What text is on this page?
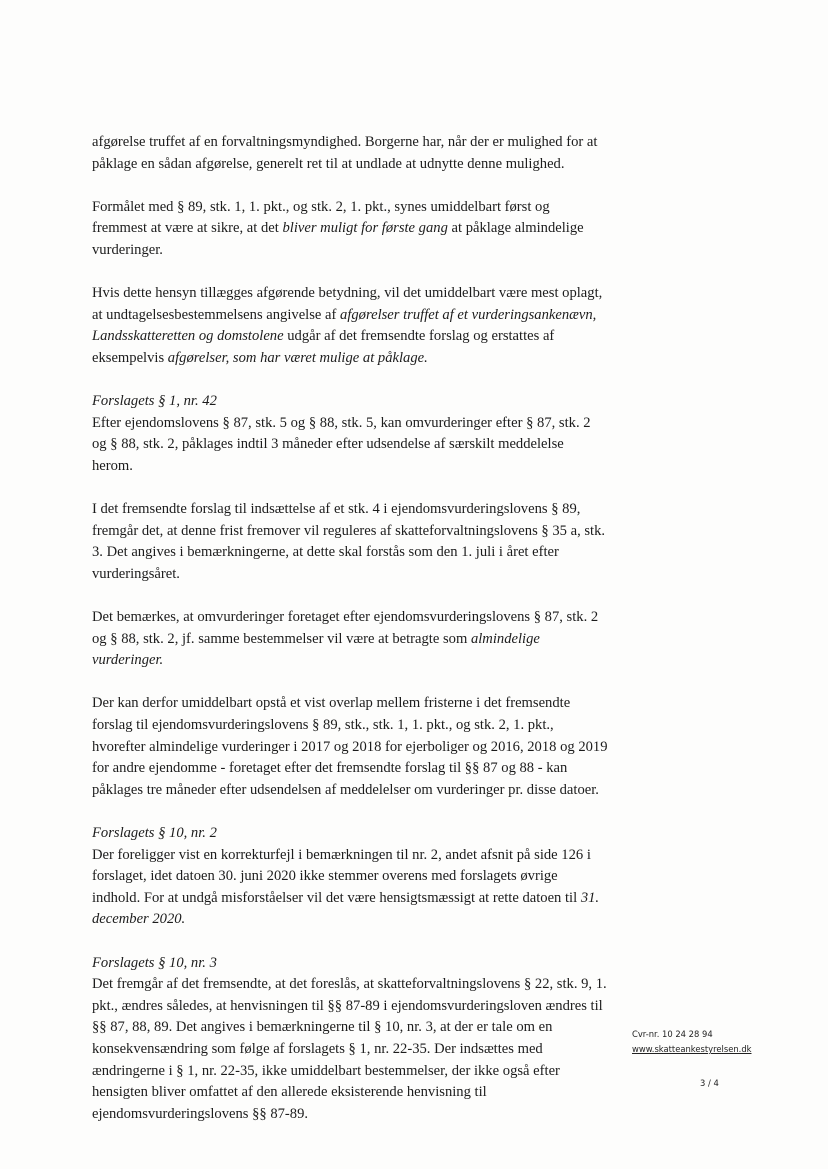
afgørelse truffet af en forvaltningsmyndighed. Borgerne har, når der er mulighed for at påklage en sådan afgørelse, generelt ret til at undlade at udnytte denne mulighed.

Formålet med § 89, stk. 1, 1. pkt., og stk. 2, 1. pkt., synes umiddelbart først og fremmest at være at sikre, at det bliver muligt for første gang at påklage almindelige vurderinger.

Hvis dette hensyn tillægges afgørende betydning, vil det umiddelbart være mest oplagt, at undtagelsesbestemmelsens angivelse af afgørelser truffet af et vurderingsankenævn, Landsskatteretten og domstolene udgår af det fremsendte forslag og erstattes af eksempelvis afgørelser, som har været mulige at påklage.

Forslagets § 1, nr. 42
Efter ejendomslovens § 87, stk. 5 og § 88, stk. 5, kan omvurderinger efter § 87, stk. 2 og § 88, stk. 2, påklages indtil 3 måneder efter udsendelse af særskilt meddelelse herom.

I det fremsendte forslag til indsættelse af et stk. 4 i ejendomsvurderingslovens § 89, fremgår det, at denne frist fremover vil reguleres af skatteforvaltningslovens § 35 a, stk. 3. Det angives i bemærkningerne, at dette skal forstås som den 1. juli i året efter vurderingsåret.

Det bemærkes, at omvurderinger foretaget efter ejendomsvurderingslovens § 87, stk. 2 og § 88, stk. 2, jf. samme bestemmelser vil være at betragte som almindelige vurderinger.

Der kan derfor umiddelbart opstå et vist overlap mellem fristerne i det fremsendte forslag til ejendomsvurderingslovens § 89, stk., stk. 1, 1. pkt., og stk. 2, 1. pkt., hvorefter almindelige vurderinger i 2017 og 2018 for ejerboliger og 2016, 2018 og 2019 for andre ejendomme - foretaget efter det fremsendte forslag til §§ 87 og 88 - kan påklages tre måneder efter udsendelsen af meddelelser om vurderinger pr. disse datoer.

Forslagets § 10, nr. 2
Der foreligger vist en korrekturfejl i bemærkningen til nr. 2, andet afsnit på side 126 i forslaget, idet datoen 30. juni 2020 ikke stemmer overens med forslagets øvrige indhold. For at undgå misforståelser vil det være hensigtsmæssigt at rette datoen til 31. december 2020.

Forslagets § 10, nr. 3
Det fremgår af det fremsendte, at det foreslås, at skatteforvaltningslovens § 22, stk. 9, 1. pkt., ændres således, at henvisningen til §§ 87-89 i ejendomsvurderingsloven ændres til §§ 87, 88, 89. Det angives i bemærkningerne til § 10, nr. 3, at der er tale om en konsekvensændring som følge af forslagets § 1, nr. 22-35. Der indsættes med ændringerne i § 1, nr. 22-35, ikke umiddelbart bestemmelser, der ikke også efter hensigten bliver omfattet af den allerede eksisterende henvisning til ejendomsvurderingslovens §§ 87-89.

Cvr-nr. 10 24 28 94
www.skatteankestyrelsen.dk
3 / 4
